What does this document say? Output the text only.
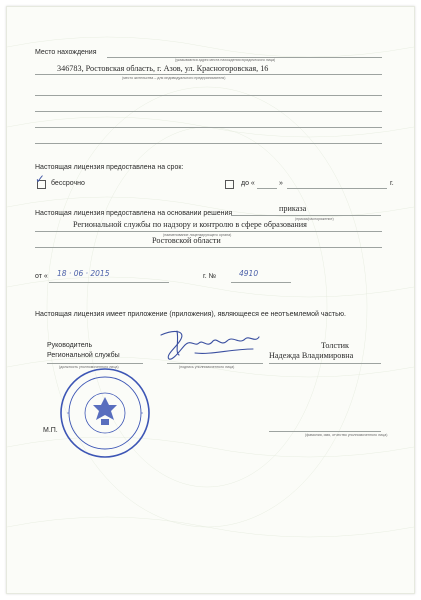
Место нахождения
(указываются адрес места нахождения юридического лица)
346783, Ростовская область, г. Азов, ул. Красногоровская, 16
(место жительства – для индивидуального предпринимателя)
Настоящая лицензия предоставлена на срок:
✓ бессрочно	до «	»	г.
Настоящая лицензия предоставлена на основании решения
приказа
(приказ/распоряжение)
Региональной службы по надзору и контролю в сфере образования
(наименование лицензирующего органа)
Ростовской области
от « 18 · 06 · 2015	г. №	4910
Настоящая лицензия имеет приложение (приложения), являющееся ее неотъемлемой частью.
Руководитель
Региональной службы
(должность уполномоченного лица)	(подпись уполномоченного лица)
Толстик
Надежда Владимировна
(фамилия, имя, отчество уполномоченного лица)
М.П.
